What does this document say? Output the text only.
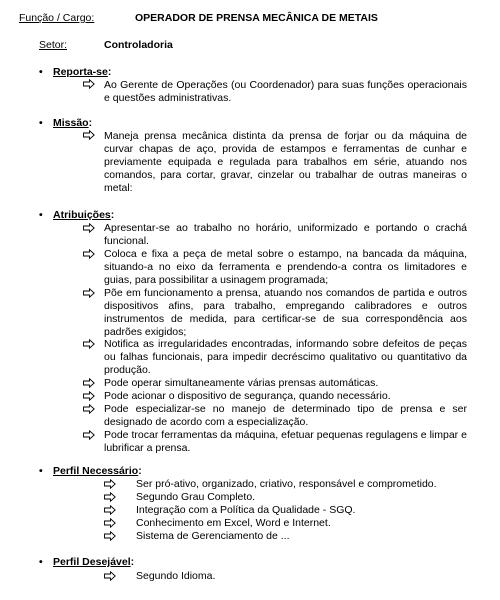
Função / Cargo:	OPERADOR DE PRENSA MECÂNICA DE METAIS
Setor:	Controladoria
• Reporta-se:
Ao Gerente de Operações (ou Coordenador) para suas funções operacionais e questões administrativas.
• Missão:
Maneja prensa mecânica distinta da prensa de forjar ou da máquina de curvar chapas de aço, provida de estampos e ferramentas de cunhar e previamente equipada e regulada para trabalhos em série, atuando nos comandos, para cortar, gravar, cinzelar ou trabalhar de outras maneiras o metal:
• Atribuições:
Apresentar-se ao trabalho no horário, uniformizado e portando o crachá funcional.
Coloca e fixa a peça de metal sobre o estampo, na bancada da máquina, situando-a no eixo da ferramenta e prendendo-a contra os limitadores e guias, para possibilitar a usinagem programada;
Põe em funcionamento a prensa, atuando nos comandos de partida e outros dispositivos afins, para trabalho, empregando calibradores e outros instrumentos de medida, para certificar-se de sua correspondência aos padrões exigidos;
Notifica as irregularidades encontradas, informando sobre defeitos de peças ou falhas funcionais, para impedir decréscimo qualitativo ou quantitativo da produção.
Pode operar simultaneamente várias prensas automáticas.
Pode acionar o dispositivo de segurança, quando necessário.
Pode especializar-se no manejo de determinado tipo de prensa e ser designado de acordo com a especialização.
Pode trocar ferramentas da máquina, efetuar pequenas regulagens e limpar e lubrificar a prensa.
• Perfil Necessário:
Ser pró-ativo, organizado, criativo, responsável e comprometido.
Segundo Grau Completo.
Integração com a Política da Qualidade - SGQ.
Conhecimento em Excel, Word e Internet.
Sistema de Gerenciamento de ...
• Perfil Desejável:
Segundo Idioma.
